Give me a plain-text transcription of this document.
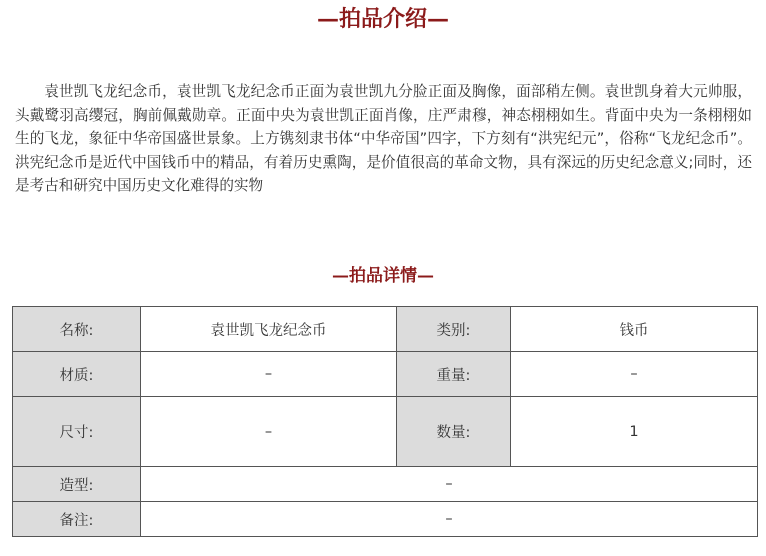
—拍品介绍—

袁世凯飞龙纪念币，袁世凯飞龙纪念币正面为袁世凯九分脸正面及胸像，面部稍左侧。袁世凯身着大元帅服，头戴鹭羽高缨冠，胸前佩戴勋章。正面中央为袁世凯正面肖像，庄严肃穆，神态栩栩如生。背面中央为一条栩栩如生的飞龙，象征中华帝国盛世景象。上方镌刻隶书体“中华帝国”四字，下方刻有“洪宪纪元”，俗称“飞龙纪念币”。洪宪纪念币是近代中国钱币中的精品，有着历史熏陶，是价值很高的革命文物，具有深远的历史纪念意义;同时，还是考古和研究中国历史文化难得的实物

—拍品详情—
名称:	袁世凯飞龙纪念币	类别:	钱币
材质:	–	重量:	–
尺寸:	–	数量:	1
造型:	–		
备注:	–		
